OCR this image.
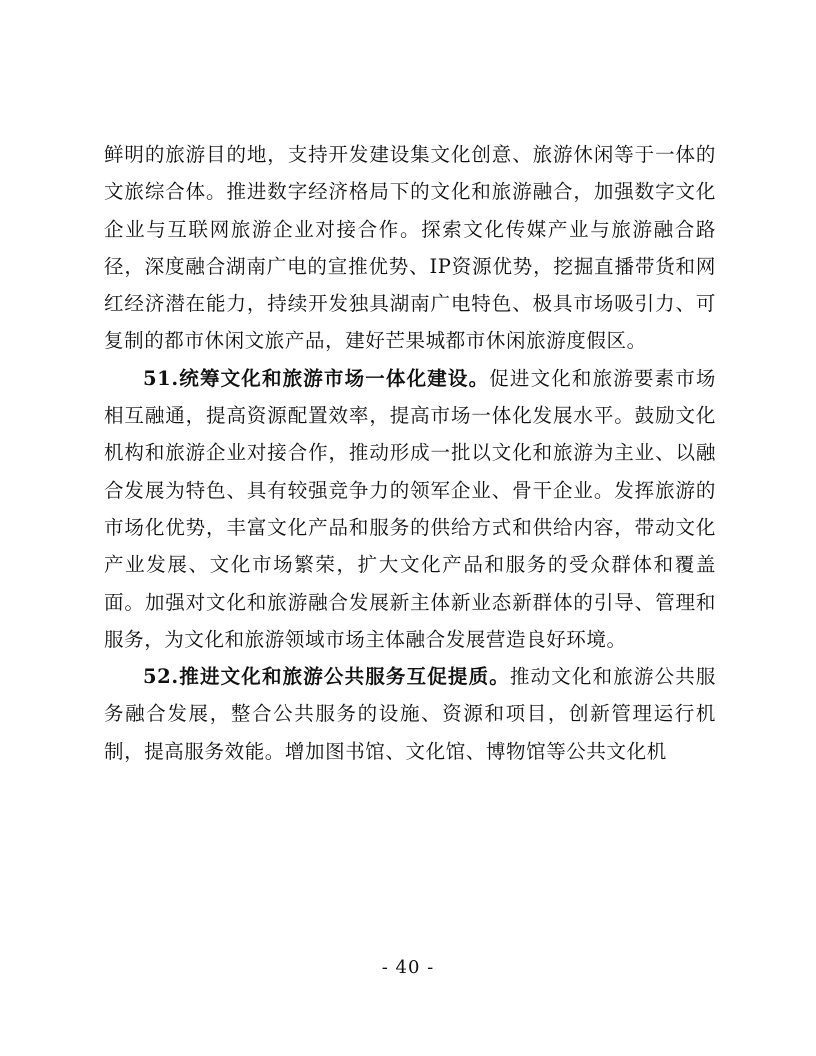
鲜明的旅游目的地，支持开发建设集文化创意、旅游休闲等于一体的文旅综合体。推进数字经济格局下的文化和旅游融合，加强数字文化企业与互联网旅游企业对接合作。探索文化传媒产业与旅游融合路径，深度融合湖南广电的宣推优势、IP资源优势，挖掘直播带货和网红经济潜在能力，持续开发独具湖南广电特色、极具市场吸引力、可复制的都市休闲文旅产品，建好芒果城都市休闲旅游度假区。

51.统筹文化和旅游市场一体化建设。促进文化和旅游要素市场相互融通，提高资源配置效率，提高市场一体化发展水平。鼓励文化机构和旅游企业对接合作，推动形成一批以文化和旅游为主业、以融合发展为特色、具有较强竞争力的领军企业、骨干企业。发挥旅游的市场化优势，丰富文化产品和服务的供给方式和供给内容，带动文化产业发展、文化市场繁荣，扩大文化产品和服务的受众群体和覆盖面。加强对文化和旅游融合发展新主体新业态新群体的引导、管理和服务，为文化和旅游领域市场主体融合发展营造良好环境。

52.推进文化和旅游公共服务互促提质。推动文化和旅游公共服务融合发展，整合公共服务的设施、资源和项目，创新管理运行机制，提高服务效能。增加图书馆、文化馆、博物馆等公共文化机

- 40 -
